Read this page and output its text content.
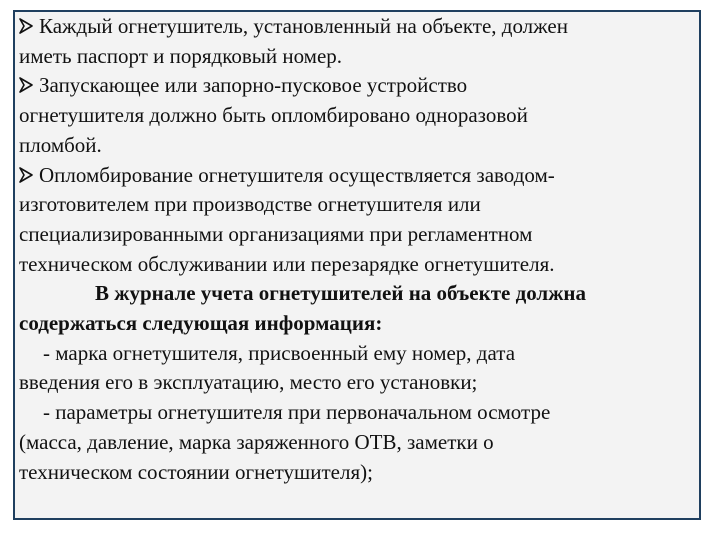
Каждый огнетушитель, установленный на объекте, должен
иметь паспорт и порядковый номер.
Запускающее или запорно-пусковое устройство
огнетушителя должно быть опломбировано одноразовой
пломбой.
Опломбирование огнетушителя осуществляется заводом-
изготовителем при производстве огнетушителя или
специализированными организациями при регламентном
техническом обслуживании или перезарядке огнетушителя.
В журнале учета огнетушителей на объекте должна
содержаться следующая информация:
- марка огнетушителя, присвоенный ему номер, дата
введения его в эксплуатацию, место его установки;
- параметры огнетушителя при первоначальном осмотре
(масса, давление, марка заряженного ОТВ, заметки о
техническом состоянии огнетушителя);
